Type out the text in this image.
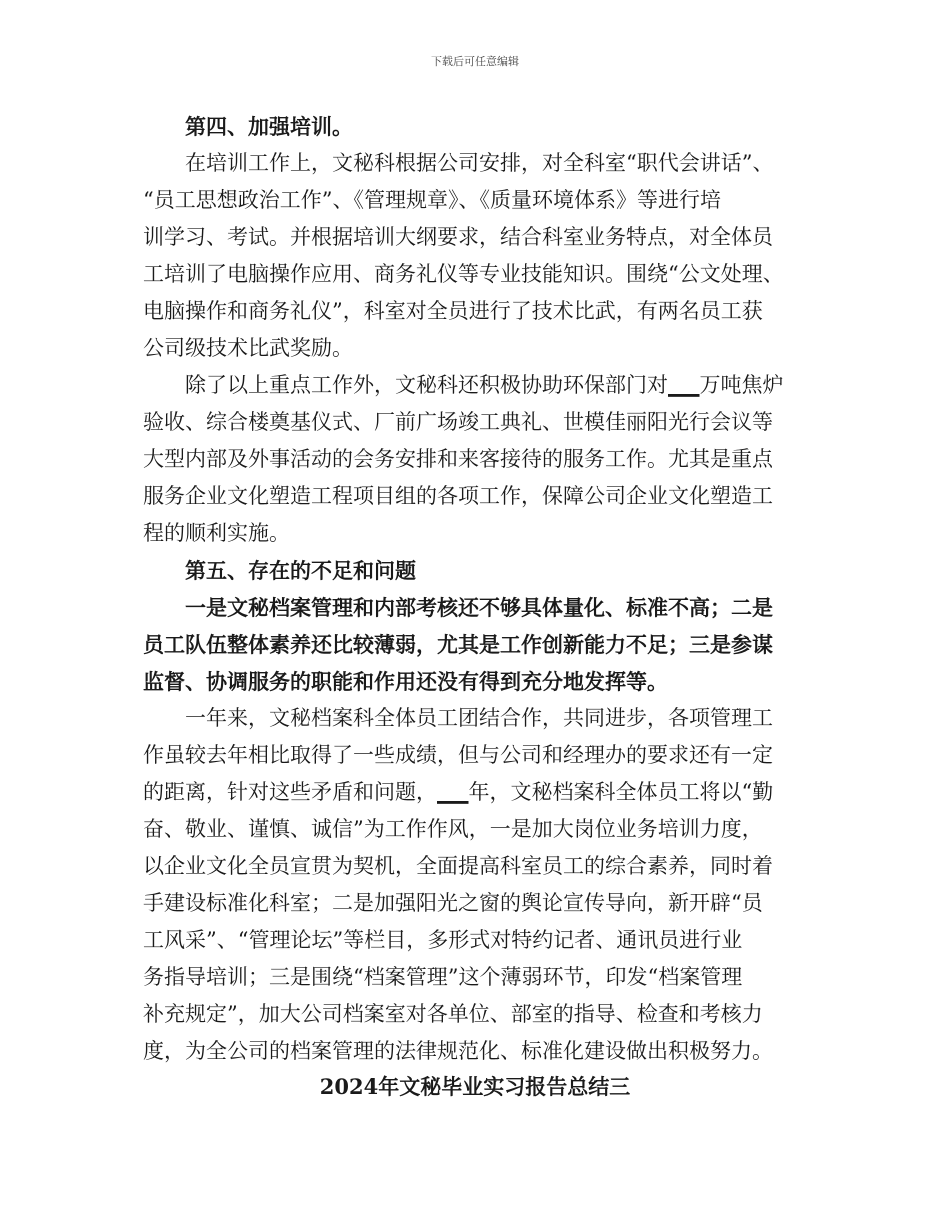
下载后可任意编辑
第四、加强培训。
在培训工作上，文秘科根据公司安排，对全科室“职代会讲话”、
“员工思想政治工作”、《管理规章》、《质量环境体系》等进行培
训学习、考试。并根据培训大纲要求，结合科室业务特点，对全体员
工培训了电脑操作应用、商务礼仪等专业技能知识。围绕“公文处理、
电脑操作和商务礼仪”，科室对全员进行了技术比武，有两名员工获
公司级技术比武奖励。
除了以上重点工作外，文秘科还积极协助环保部门对___万吨焦炉
验收、综合楼奠基仪式、厂前广场竣工典礼、世模佳丽阳光行会议等
大型内部及外事活动的会务安排和来客接待的服务工作。尤其是重点
服务企业文化塑造工程项目组的各项工作，保障公司企业文化塑造工
程的顺利实施。
第五、存在的不足和问题
一是文秘档案管理和内部考核还不够具体量化、标准不高；二是
员工队伍整体素养还比较薄弱，尤其是工作创新能力不足；三是参谋
监督、协调服务的职能和作用还没有得到充分地发挥等。
一年来，文秘档案科全体员工团结合作，共同进步，各项管理工
作虽较去年相比取得了一些成绩，但与公司和经理办的要求还有一定
的距离，针对这些矛盾和问题，___年，文秘档案科全体员工将以“勤
奋、敬业、谨慎、诚信”为工作作风，一是加大岗位业务培训力度，
以企业文化全员宣贯为契机，全面提高科室员工的综合素养，同时着
手建设标准化科室；二是加强阳光之窗的舆论宣传导向，新开辟“员
工风采”、“管理论坛”等栏目，多形式对特约记者、通讯员进行业
务指导培训；三是围绕“档案管理”这个薄弱环节，印发“档案管理
补充规定”，加大公司档案室对各单位、部室的指导、检查和考核力
度，为全公司的档案管理的法律规范化、标准化建设做出积极努力。
2024年文秘毕业实习报告总结三
